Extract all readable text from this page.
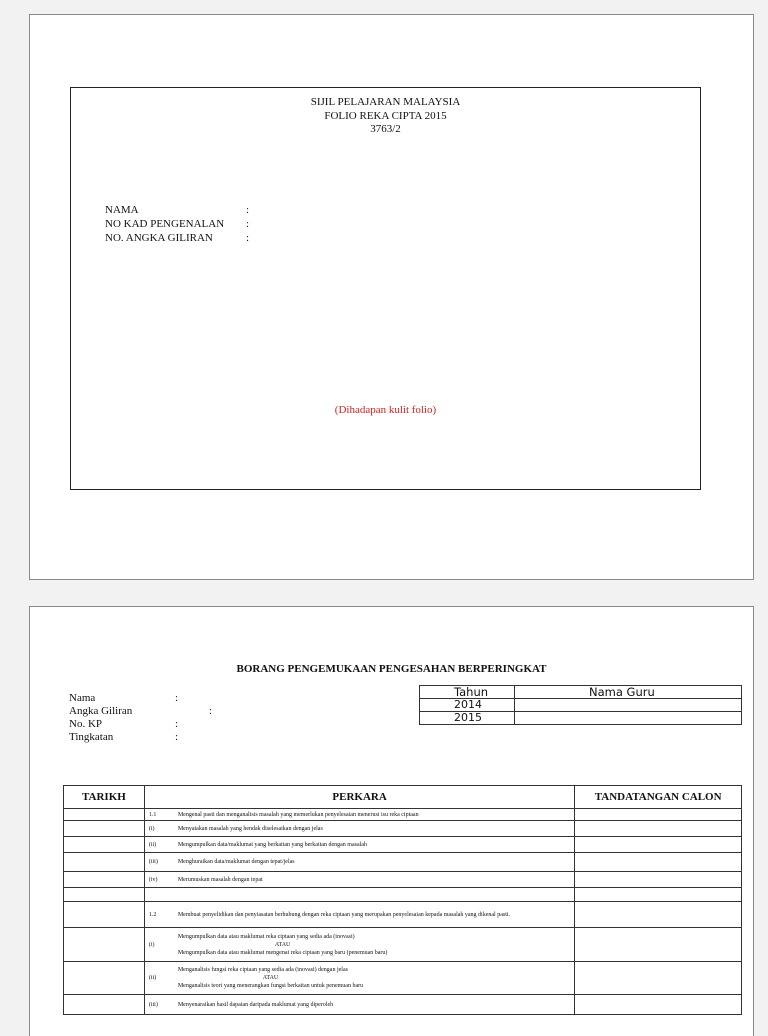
SIJIL PELAJARAN MALAYSIA
FOLIO REKA CIPTA 2015
3763/2
NAMA	:
NO KAD PENGENALAN	:
NO. ANGKA GILIRAN	:
(Dihadapan kulit folio)
BORANG PENGEMUKAAN PENGESAHAN BERPERINGKAT
Nama	:
Angka Giliran	:
No. KP	:
Tingkatan	:
Tahun	Nama Guru
2014	
2015	
TARIKH	PERKARA	TANDATANGAN CALON

	1.1 Mengenal pasti dan menganalisis masalah yang memerlukan penyelesaian menerusi isu reka ciptaan	

	(i) Menyatakan masalah yang hendak diselesaikan dengan jelas	

	(ii) Mengumpulkan data/maklumat yang berkaitan yang berkaitan dengan masalah	

	(iii) Menghuraikan data/maklumat dengan tepat/jelas	

	(iv) Merumuskan masalah dengan tepat	

	1.2 Membuat penyelidikan dan penyiasatan berhubung dengan reka ciptaan yang merupakan penyelesaian kepada masalah yang dikenal pasti.	

	(i)
Mengumpulkan data atau maklumat reka ciptaan yang sedia ada (inovasi)
ATAU
Mengumpulkan data atau maklumat mengenai reka ciptaan yang baru (penemuan baru)	

	(ii)
Menganalisis fungsi reka ciptaan yang sedia ada (inovasi) dengan jelas
ATAU
Menganalisis teori yang menerangkan fungsi berkaitan untuk penemuan baru	

	(iii) Menyenaraikan hasil dapatan daripada maklumat yang diperoleh	
